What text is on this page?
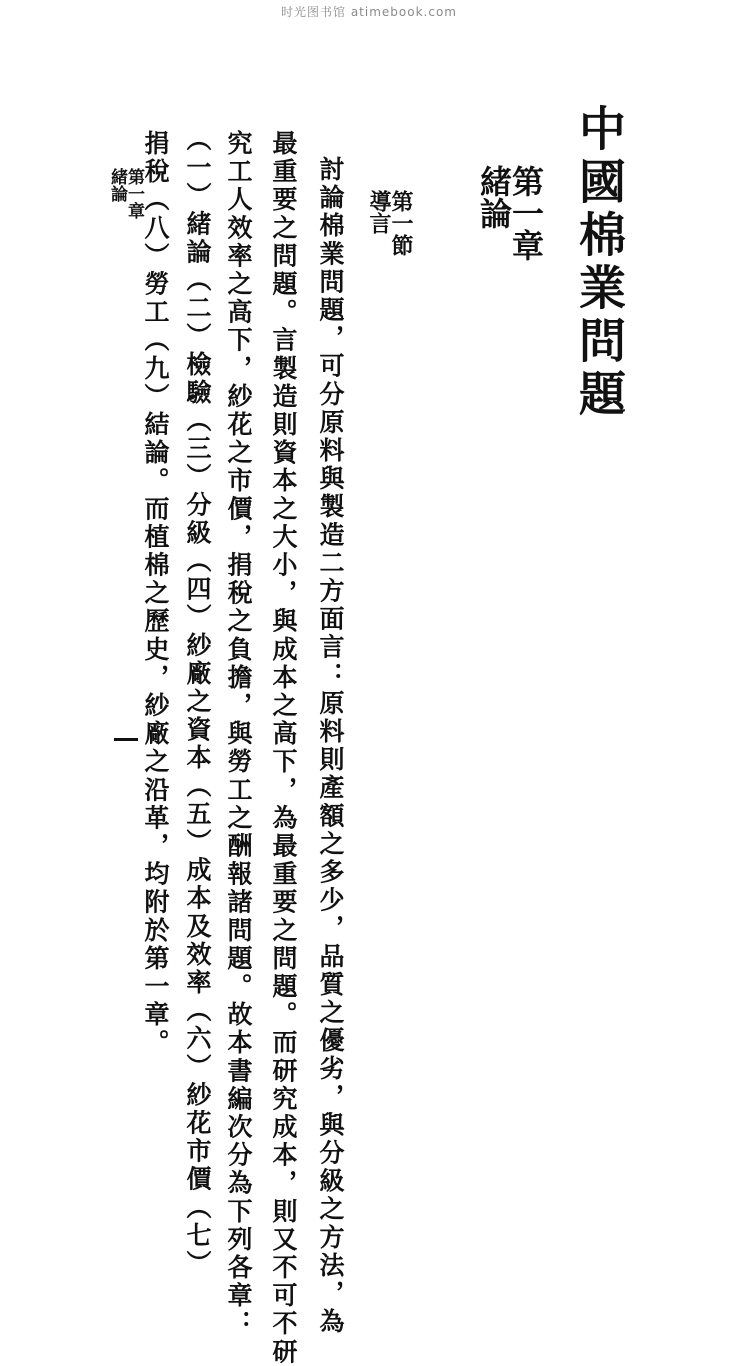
时光图书馆 atimebook.com
中國棉業問題
第一章
緒論
第一節
導言
討論棉業問題，可分原料與製造二方面言：原料則產額之多少，品質之優劣，與分級之方法，為
最重要之問題。言製造則資本之大小，與成本之高下，為最重要之問題。而研究成本，則又不可不研
究工人效率之高下，紗花之市價，捐稅之負擔，與勞工之酬報諸問題。故本書編次分為下列各章：
（一）緒論（二）檢驗（三）分級（四）紗廠之資本（五）成本及效率（六）紗花市價（七）
捐稅（八）勞工（九）結論。而植棉之歷史，紗廠之沿革，均附於第一章。
第一章
緒論
